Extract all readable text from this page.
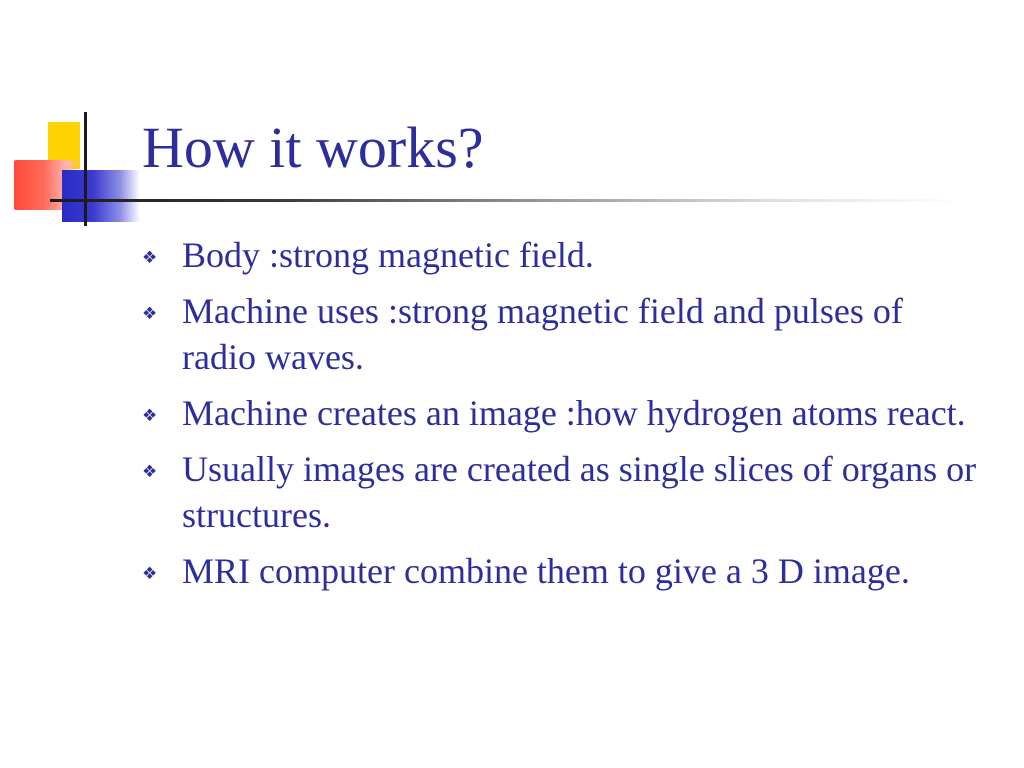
How it works?
❖ Body :strong magnetic field.
❖ Machine uses :strong magnetic field and pulses of radio waves.
❖ Machine creates an image :how hydrogen atoms react.
❖ Usually images are created as single slices of organs or structures.
❖ MRI computer combine them to give a 3 D image.
